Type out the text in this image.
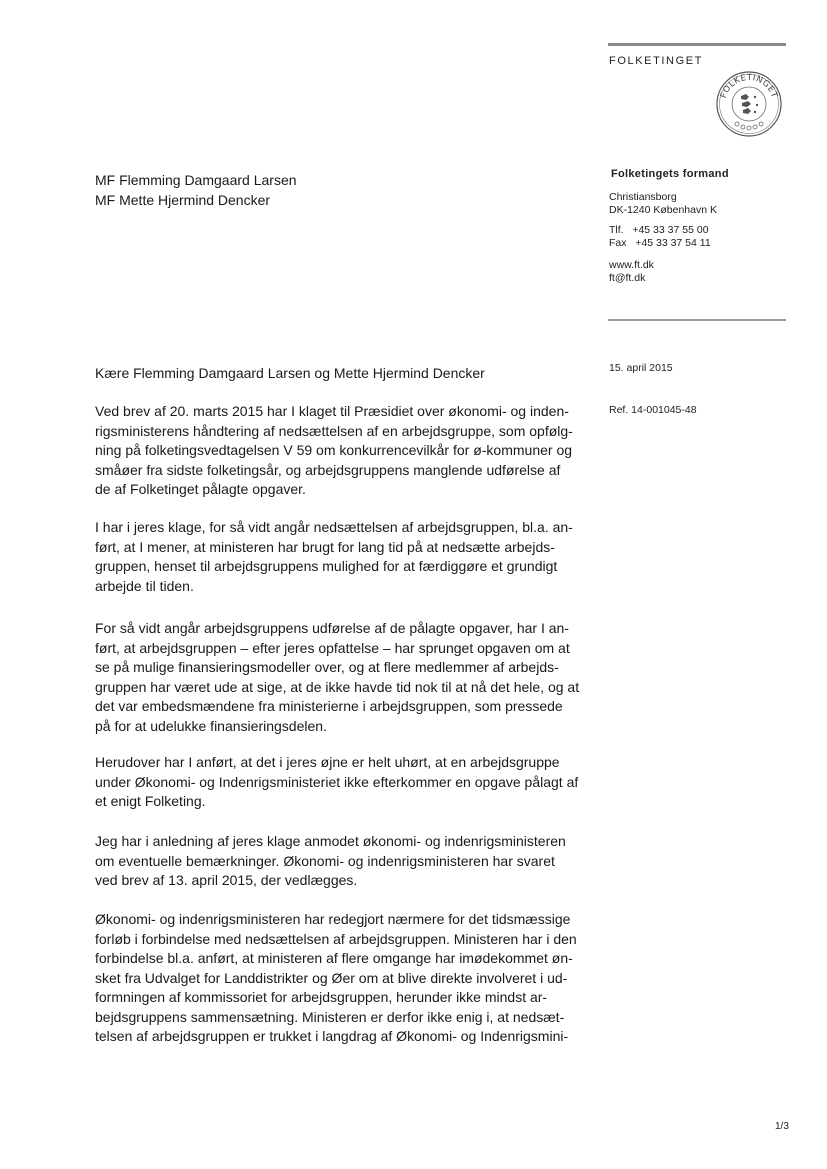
FOLKETINGET
FOLKETINGET
Folketingets formand
Christiansborg
DK-1240 København K
Tlf.   +45 33 37 55 00
Fax   +45 33 37 54 11
www.ft.dk
ft@ft.dk
15. april 2015
Ref. 14-001045-48
MF Flemming Damgaard Larsen
MF Mette Hjermind Dencker
Kære Flemming Damgaard Larsen og Mette Hjermind Dencker
Ved brev af 20. marts 2015 har I klaget til Præsidiet over økonomi- og inden-
rigsministerens håndtering af nedsættelsen af en arbejdsgruppe, som opfølg-
ning på folketingsvedtagelsen V 59 om konkurrencevilkår for ø-kommuner og
småøer fra sidste folketingsår, og arbejdsgruppens manglende udførelse af
de af Folketinget pålagte opgaver.
I har i jeres klage, for så vidt angår nedsættelsen af arbejdsgruppen, bl.a. an-
ført, at I mener, at ministeren har brugt for lang tid på at nedsætte arbejds-
gruppen, henset til arbejdsgruppens mulighed for at færdiggøre et grundigt
arbejde til tiden.
For så vidt angår arbejdsgruppens udførelse af de pålagte opgaver, har I an-
ført, at arbejdsgruppen – efter jeres opfattelse – har sprunget opgaven om at
se på mulige finansieringsmodeller over, og at flere medlemmer af arbejds-
gruppen har været ude at sige, at de ikke havde tid nok til at nå det hele, og at
det var embedsmændene fra ministerierne i arbejdsgruppen, som pressede
på for at udelukke finansieringsdelen.
Herudover har I anført, at det i jeres øjne er helt uhørt, at en arbejdsgruppe
under Økonomi- og Indenrigsministeriet ikke efterkommer en opgave pålagt af
et enigt Folketing.
Jeg har i anledning af jeres klage anmodet økonomi- og indenrigsministeren
om eventuelle bemærkninger. Økonomi- og indenrigsministeren har svaret
ved brev af 13. april 2015, der vedlægges.
Økonomi- og indenrigsministeren har redegjort nærmere for det tidsmæssige
forløb i forbindelse med nedsættelsen af arbejdsgruppen. Ministeren har i den
forbindelse bl.a. anført, at ministeren af flere omgange har imødekommet øn-
sket fra Udvalget for Landdistrikter og Øer om at blive direkte involveret i ud-
formningen af kommissoriet for arbejdsgruppen, herunder ikke mindst ar-
bejdsgruppens sammensætning. Ministeren er derfor ikke enig i, at nedsæt-
telsen af arbejdsgruppen er trukket i langdrag af Økonomi- og Indenrigsmini-
1/3
